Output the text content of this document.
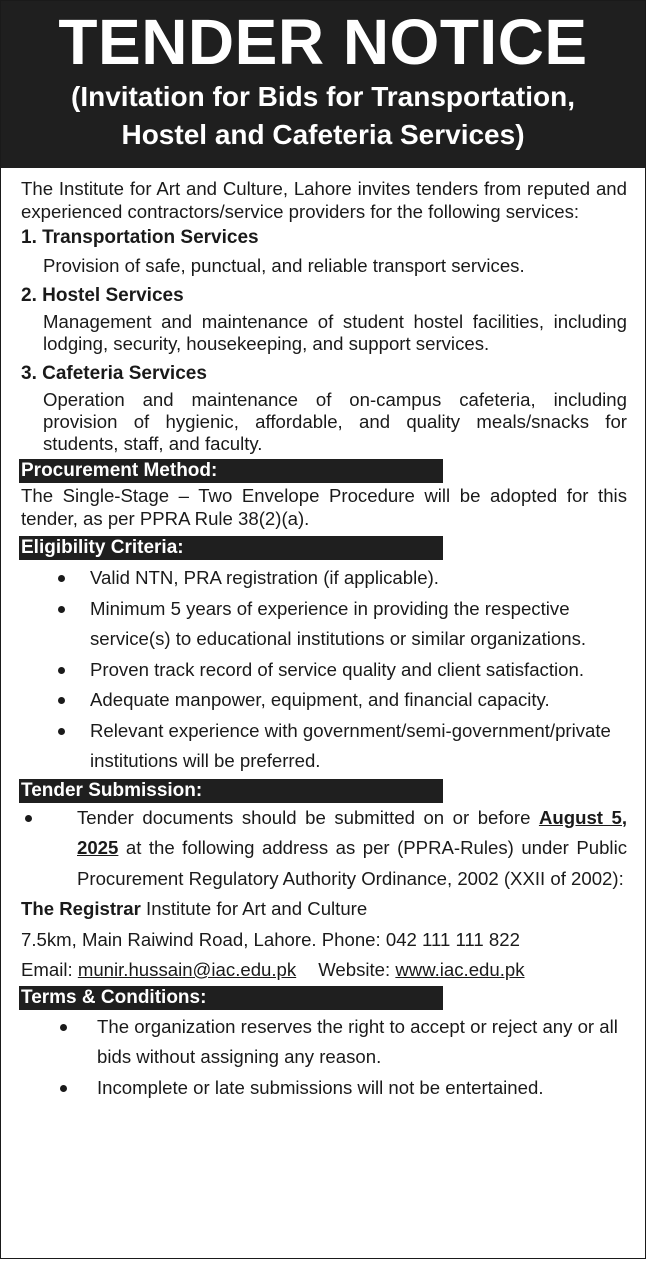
TENDER NOTICE
(Invitation for Bids for Transportation,
Hostel and Cafeteria Services)
The Institute for Art and Culture, Lahore invites tenders from reputed and experienced contractors/service providers for the following services:
1. Transportation Services
Provision of safe, punctual, and reliable transport services.
2. Hostel Services
Management and maintenance of student hostel facilities, including lodging, security, housekeeping, and support services.
3. Cafeteria Services
Operation and maintenance of on-campus cafeteria, including provision of hygienic, affordable, and quality meals/snacks for students, staff, and faculty.
Procurement Method:
The Single-Stage – Two Envelope Procedure will be adopted for this tender, as per PPRA Rule 38(2)(a).
Eligibility Criteria:
Valid NTN, PRA registration (if applicable).
Minimum 5 years of experience in providing the respective service(s) to educational institutions or similar organizations.
Proven track record of service quality and client satisfaction.
Adequate manpower, equipment, and financial capacity.
Relevant experience with government/semi-government/private institutions will be preferred.
Tender Submission:
Tender documents should be submitted on or before August 5, 2025 at the following address as per (PPRA-Rules) under Public Procurement Regulatory Authority Ordinance, 2002 (XXII of 2002):
The Registrar Institute for Art and Culture
7.5km, Main Raiwind Road, Lahore. Phone: 042 111 111 822
Email: munir.hussain@iac.edu.pk Website: www.iac.edu.pk
Terms & Conditions:
The organization reserves the right to accept or reject any or all bids without assigning any reason.
Incomplete or late submissions will not be entertained.
